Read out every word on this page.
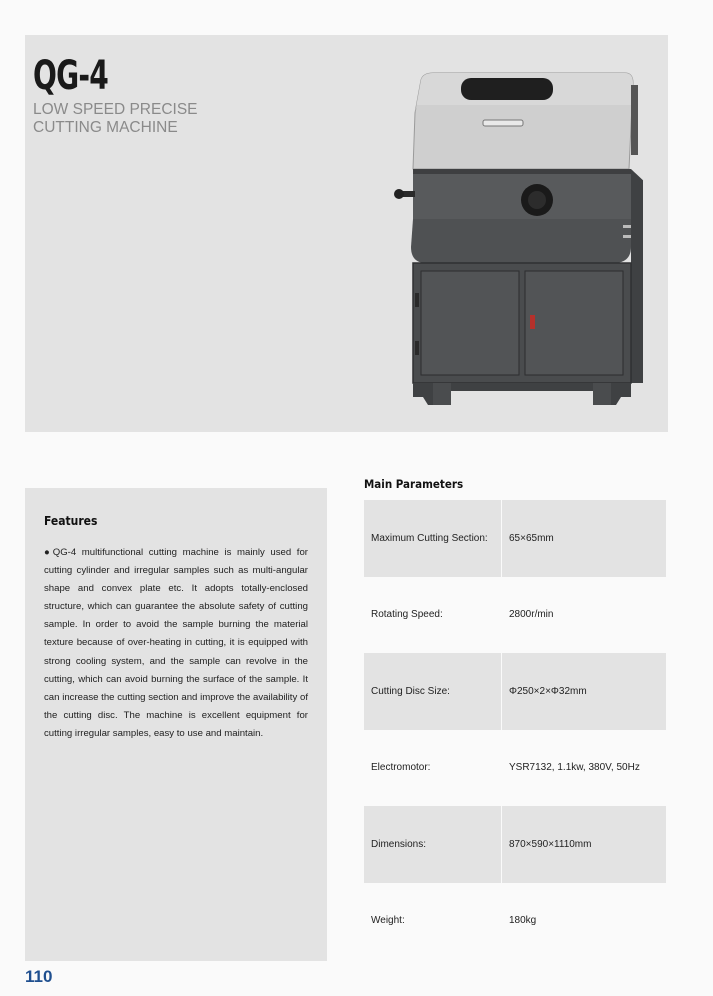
QG-4
LOW SPEED PRECISE
CUTTING MACHINE
Features

●QG-4 multifunctional cutting machine is mainly used for cutting cylinder and irregular samples such as multi-angular shape and convex plate etc. It adopts totally-enclosed structure, which can guarantee the absolute safety of cutting sample. In order to avoid the sample burning the material texture because of over-heating in cutting, it is equipped with strong cooling system, and the sample can revolve in the cutting, which can avoid burning the surface of the sample. It can increase the cutting section and improve the availability of the cutting disc. The machine is excellent equipment for cutting irregular samples, easy to use and maintain.

Main Parameters
Maximum Cutting Section:	65×65mm
Rotating Speed:	2800r/min
Cutting Disc Size:	Φ250×2×Φ32mm
Electromotor:	YSR7132, 1.1kw, 380V, 50Hz
Dimensions:	870×590×1110mm
Weight:	180kg
110
